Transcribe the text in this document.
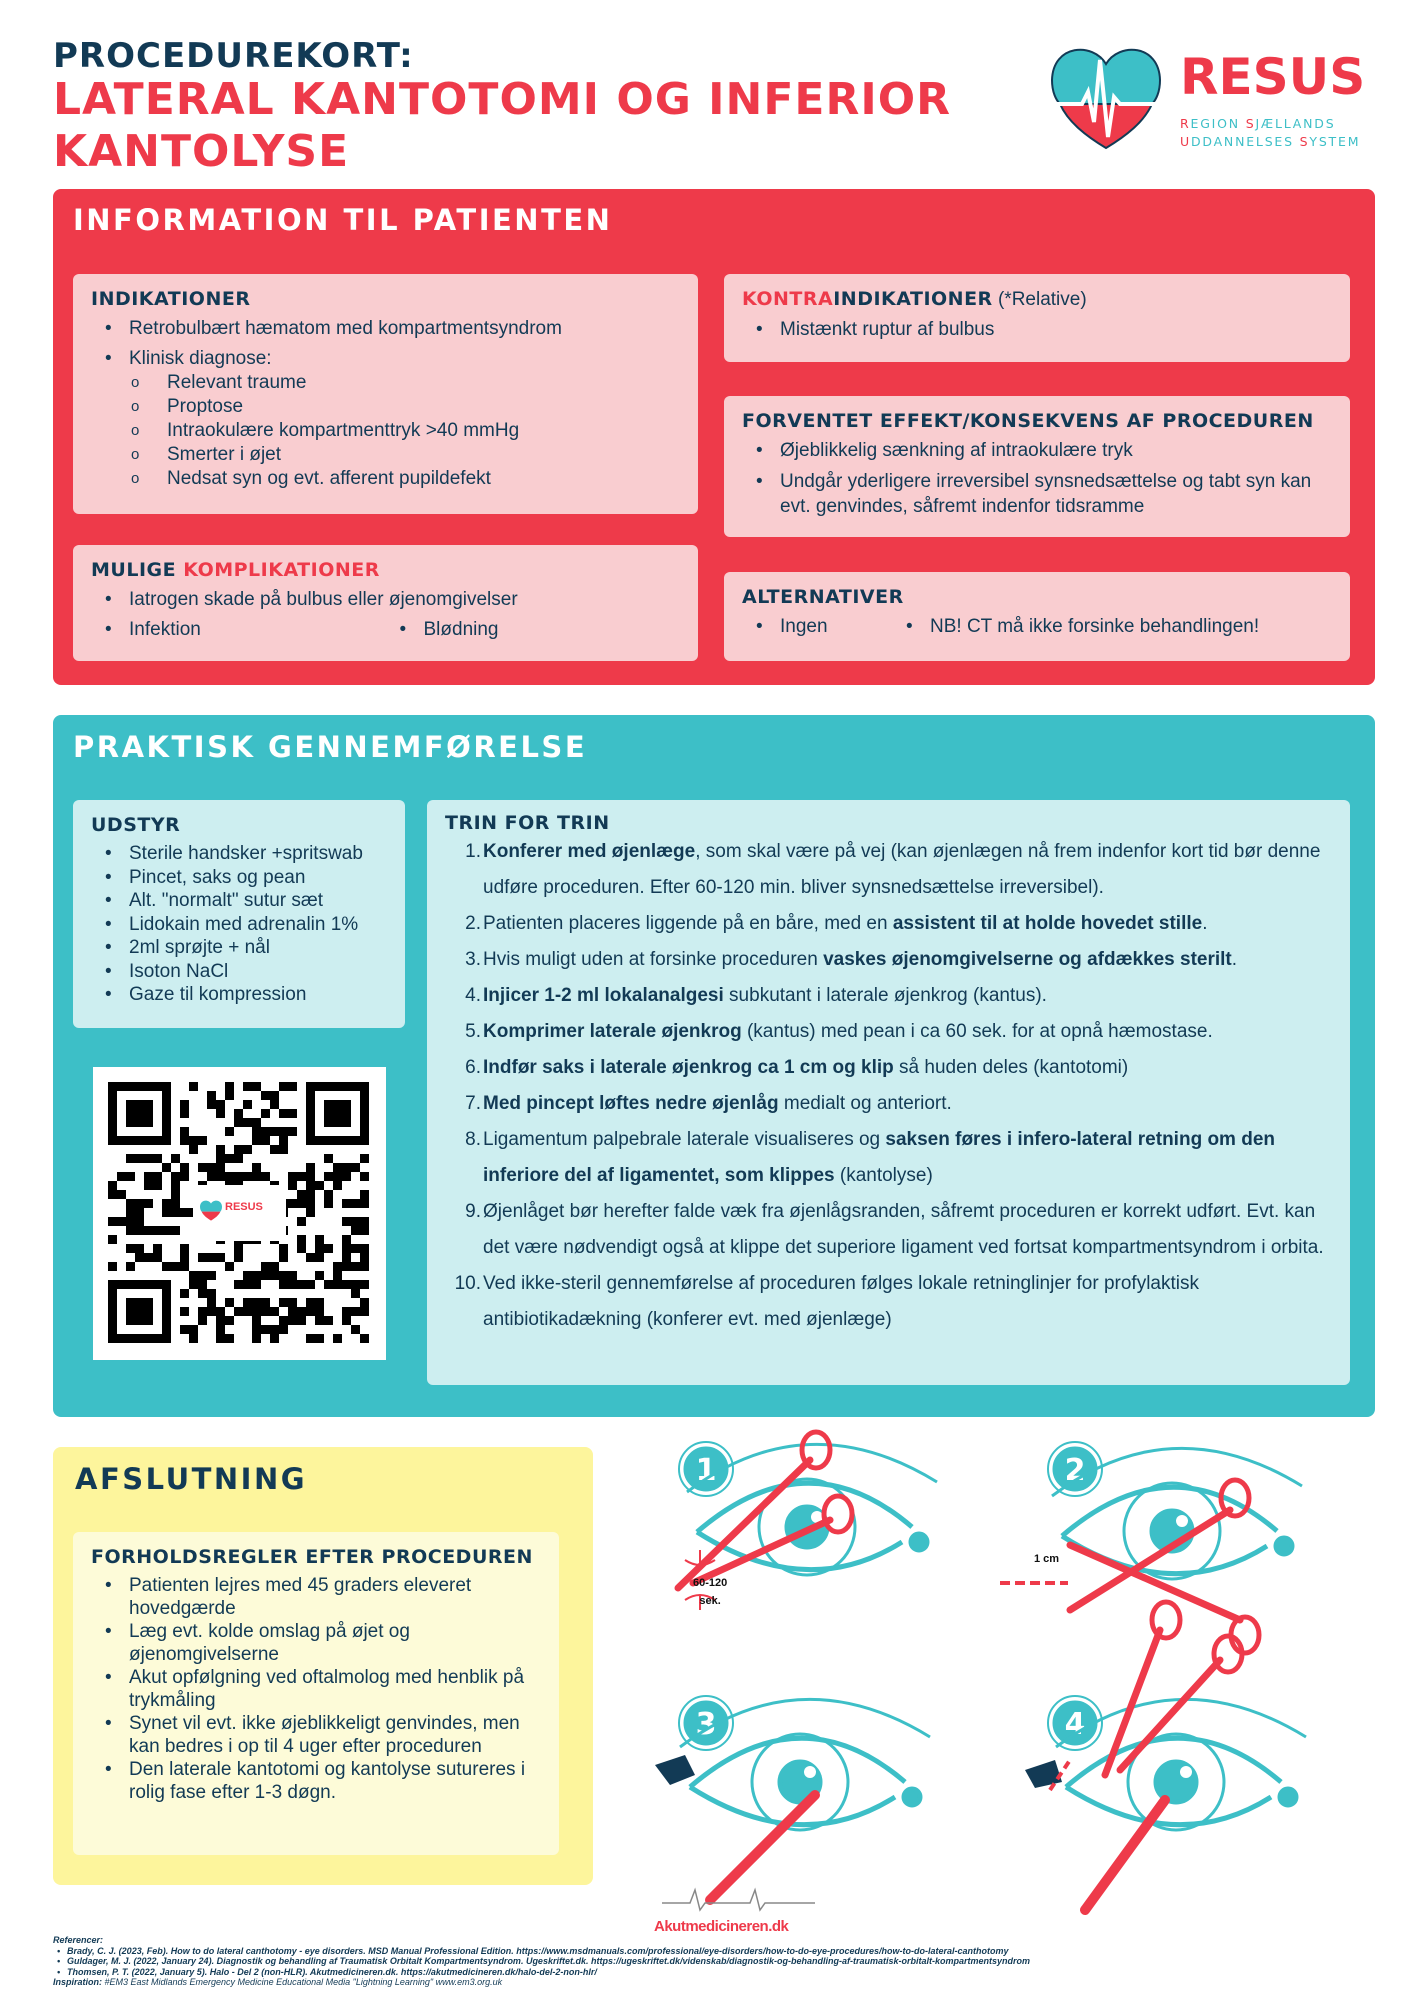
PROCEDUREKORT:
LATERAL KANTOTOMI OG INFERIOR
KANTOLYSE
RESUS
REGION SJÆLLANDS
UDDANNELSES SYSTEM
INFORMATION TIL PATIENTEN
INDIKATIONER
• Retrobulbært hæmatom med kompartmentsyndrom
• Klinisk diagnose:
o Relevant traume
o Proptose
o Intraokulære kompartmenttryk >40 mmHg
o Smerter i øjet
o Nedsat syn og evt. afferent pupildefekt
KONTRAINDIKATIONER (*Relative)
• Mistænkt ruptur af bulbus
FORVENTET EFFEKT/KONSEKVENS AF PROCEDUREN
• Øjeblikkelig sænkning af intraokulære tryk
• Undgår yderligere irreversibel synsnedsættelse og tabt syn kan evt. genvindes, såfremt indenfor tidsramme
MULIGE KOMPLIKATIONER
• Iatrogen skade på bulbus eller øjenomgivelser
• Infektion	• Blødning
ALTERNATIVER
• Ingen	• NB! CT må ikke forsinke behandlingen!
PRAKTISK GENNEMFØRELSE
UDSTYR
• Sterile handsker +spritswab
• Pincet, saks og pean
• Alt. "normalt" sutur sæt
• Lidokain med adrenalin 1%
• 2ml sprøjte + nål
• Isoton NaCl
• Gaze til kompression
RESUS
TRIN FOR TRIN
1. Konferer med øjenlæge, som skal være på vej (kan øjenlægen nå frem indenfor kort tid bør denne udføre proceduren. Efter 60-120 min. bliver synsnedsættelse irreversibel).
2. Patienten placeres liggende på en båre, med en assistent til at holde hovedet stille.
3. Hvis muligt uden at forsinke proceduren vaskes øjenomgivelserne og afdækkes sterilt.
4. Injicer 1-2 ml lokalanalgesi subkutant i laterale øjenkrog (kantus).
5. Komprimer laterale øjenkrog (kantus) med pean i ca 60 sek. for at opnå hæmostase.
6. Indfør saks i laterale øjenkrog ca 1 cm og klip så huden deles (kantotomi)
7. Med pincept løftes nedre øjenlåg medialt og anteriort.
8. Ligamentum palpebrale laterale visualiseres og saksen føres i infero-lateral retning om den inferiore del af ligamentet, som klippes (kantolyse)
9. Øjenlåget bør herefter falde væk fra øjenlågsranden, såfremt proceduren er korrekt udført. Evt. kan det være nødvendigt også at klippe det superiore ligament ved fortsat kompartmentsyndrom i orbita.
10. Ved ikke-steril gennemførelse af proceduren følges lokale retninglinjer for profylaktisk antibiotikadækning (konferer evt. med øjenlæge)
AFSLUTNING
FORHOLDSREGLER EFTER PROCEDUREN
• Patienten lejres med 45 graders eleveret hovedgærde
• Læg evt. kolde omslag på øjet og øjenomgivelserne
• Akut opfølgning ved oftalmolog med henblik på trykmåling
• Synet vil evt. ikke øjeblikkeligt genvindes, men kan bedres i op til 4 uger efter proceduren
• Den laterale kantotomi og kantolyse sutureres i rolig fase efter 1-3 døgn.
1	2
3	4
60-120
sek.
1 cm
Akutmedicineren.dk
Referencer:
• Brady, C. J. (2023, Feb). How to do lateral canthotomy - eye disorders. MSD Manual Professional Edition. https://www.msdmanuals.com/professional/eye-disorders/how-to-do-eye-procedures/how-to-do-lateral-canthotomy
• Guldager, M. J. (2022, January 24). Diagnostik og behandling af Traumatisk Orbitalt Kompartmentsyndrom. Ugeskriftet.dk. https://ugeskriftet.dk/videnskab/diagnostik-og-behandling-af-traumatisk-orbitalt-kompartmentsyndrom
• Thomsen, P. T. (2022, January 5). Halo - Del 2 (non-HLR). Akutmedicineren.dk. https://akutmedicineren.dk/halo-del-2-non-hlr/
Inspiration: #EM3 East Midlands Emergency Medicine Educational Media "Lightning Learning" www.em3.org.uk
